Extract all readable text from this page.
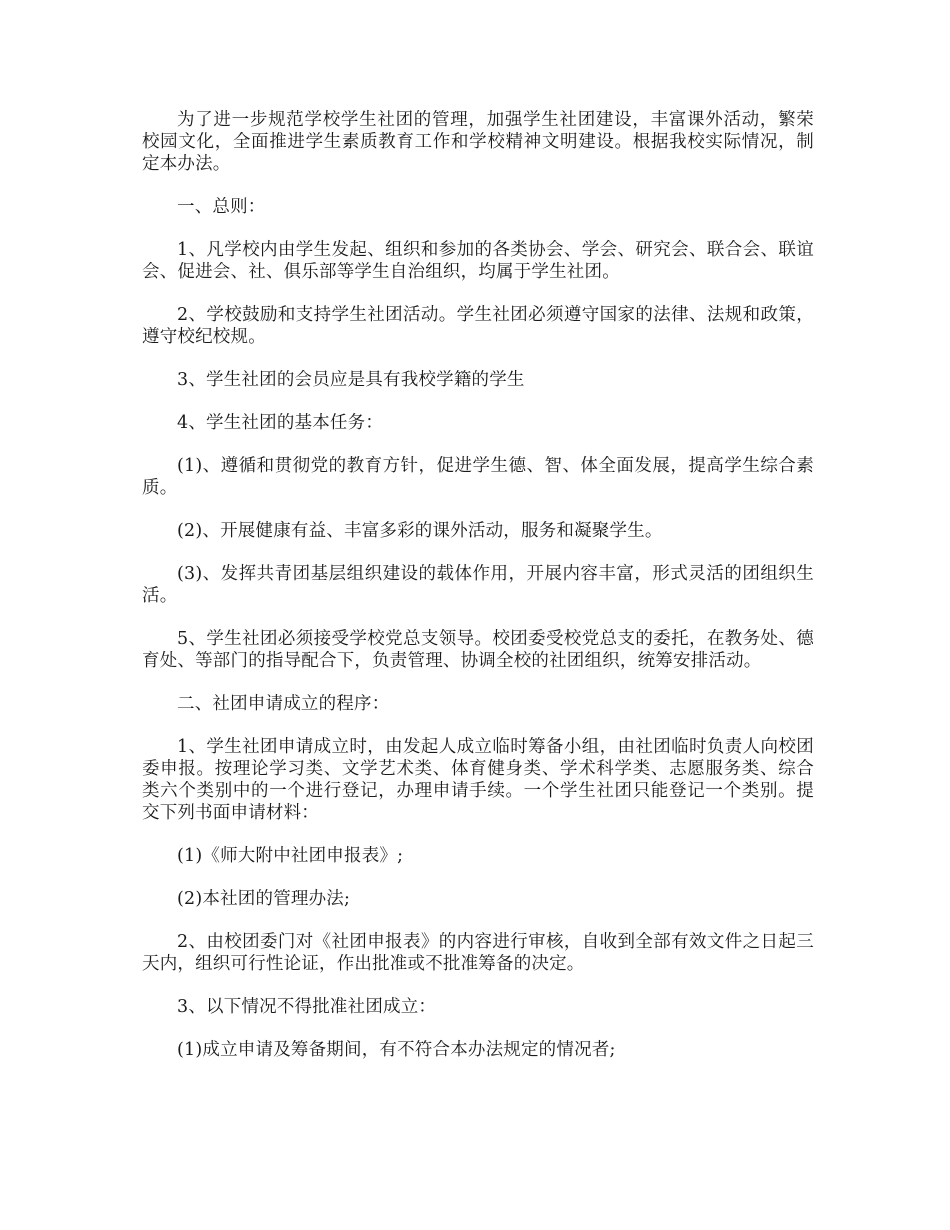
为了进一步规范学校学生社团的管理，加强学生社团建设，丰富课外活动，繁荣校园文化，全面推进学生素质教育工作和学校精神文明建设。根据我校实际情况，制定本办法。

一、总则：

1、凡学校内由学生发起、组织和参加的各类协会、学会、研究会、联合会、联谊会、促进会、社、俱乐部等学生自治组织，均属于学生社团。

2、学校鼓励和支持学生社团活动。学生社团必须遵守国家的法律、法规和政策，遵守校纪校规。

3、学生社团的会员应是具有我校学籍的学生

4、学生社团的基本任务：

(1)、遵循和贯彻党的教育方针，促进学生德、智、体全面发展，提高学生综合素质。

(2)、开展健康有益、丰富多彩的课外活动，服务和凝聚学生。

(3)、发挥共青团基层组织建设的载体作用，开展内容丰富，形式灵活的团组织生活。

5、学生社团必须接受学校党总支领导。校团委受校党总支的委托，在教务处、德育处、等部门的指导配合下，负责管理、协调全校的社团组织，统筹安排活动。

二、社团申请成立的程序：

1、学生社团申请成立时，由发起人成立临时筹备小组，由社团临时负责人向校团委申报。按理论学习类、文学艺术类、体育健身类、学术科学类、志愿服务类、综合类六个类别中的一个进行登记，办理申请手续。一个学生社团只能登记一个类别。提交下列书面申请材料：

(1)《师大附中社团申报表》;

(2)本社团的管理办法;

2、由校团委门对《社团申报表》的内容进行审核，自收到全部有效文件之日起三天内，组织可行性论证，作出批准或不批准筹备的决定。

3、以下情况不得批准社团成立：

(1)成立申请及筹备期间，有不符合本办法规定的情况者;
